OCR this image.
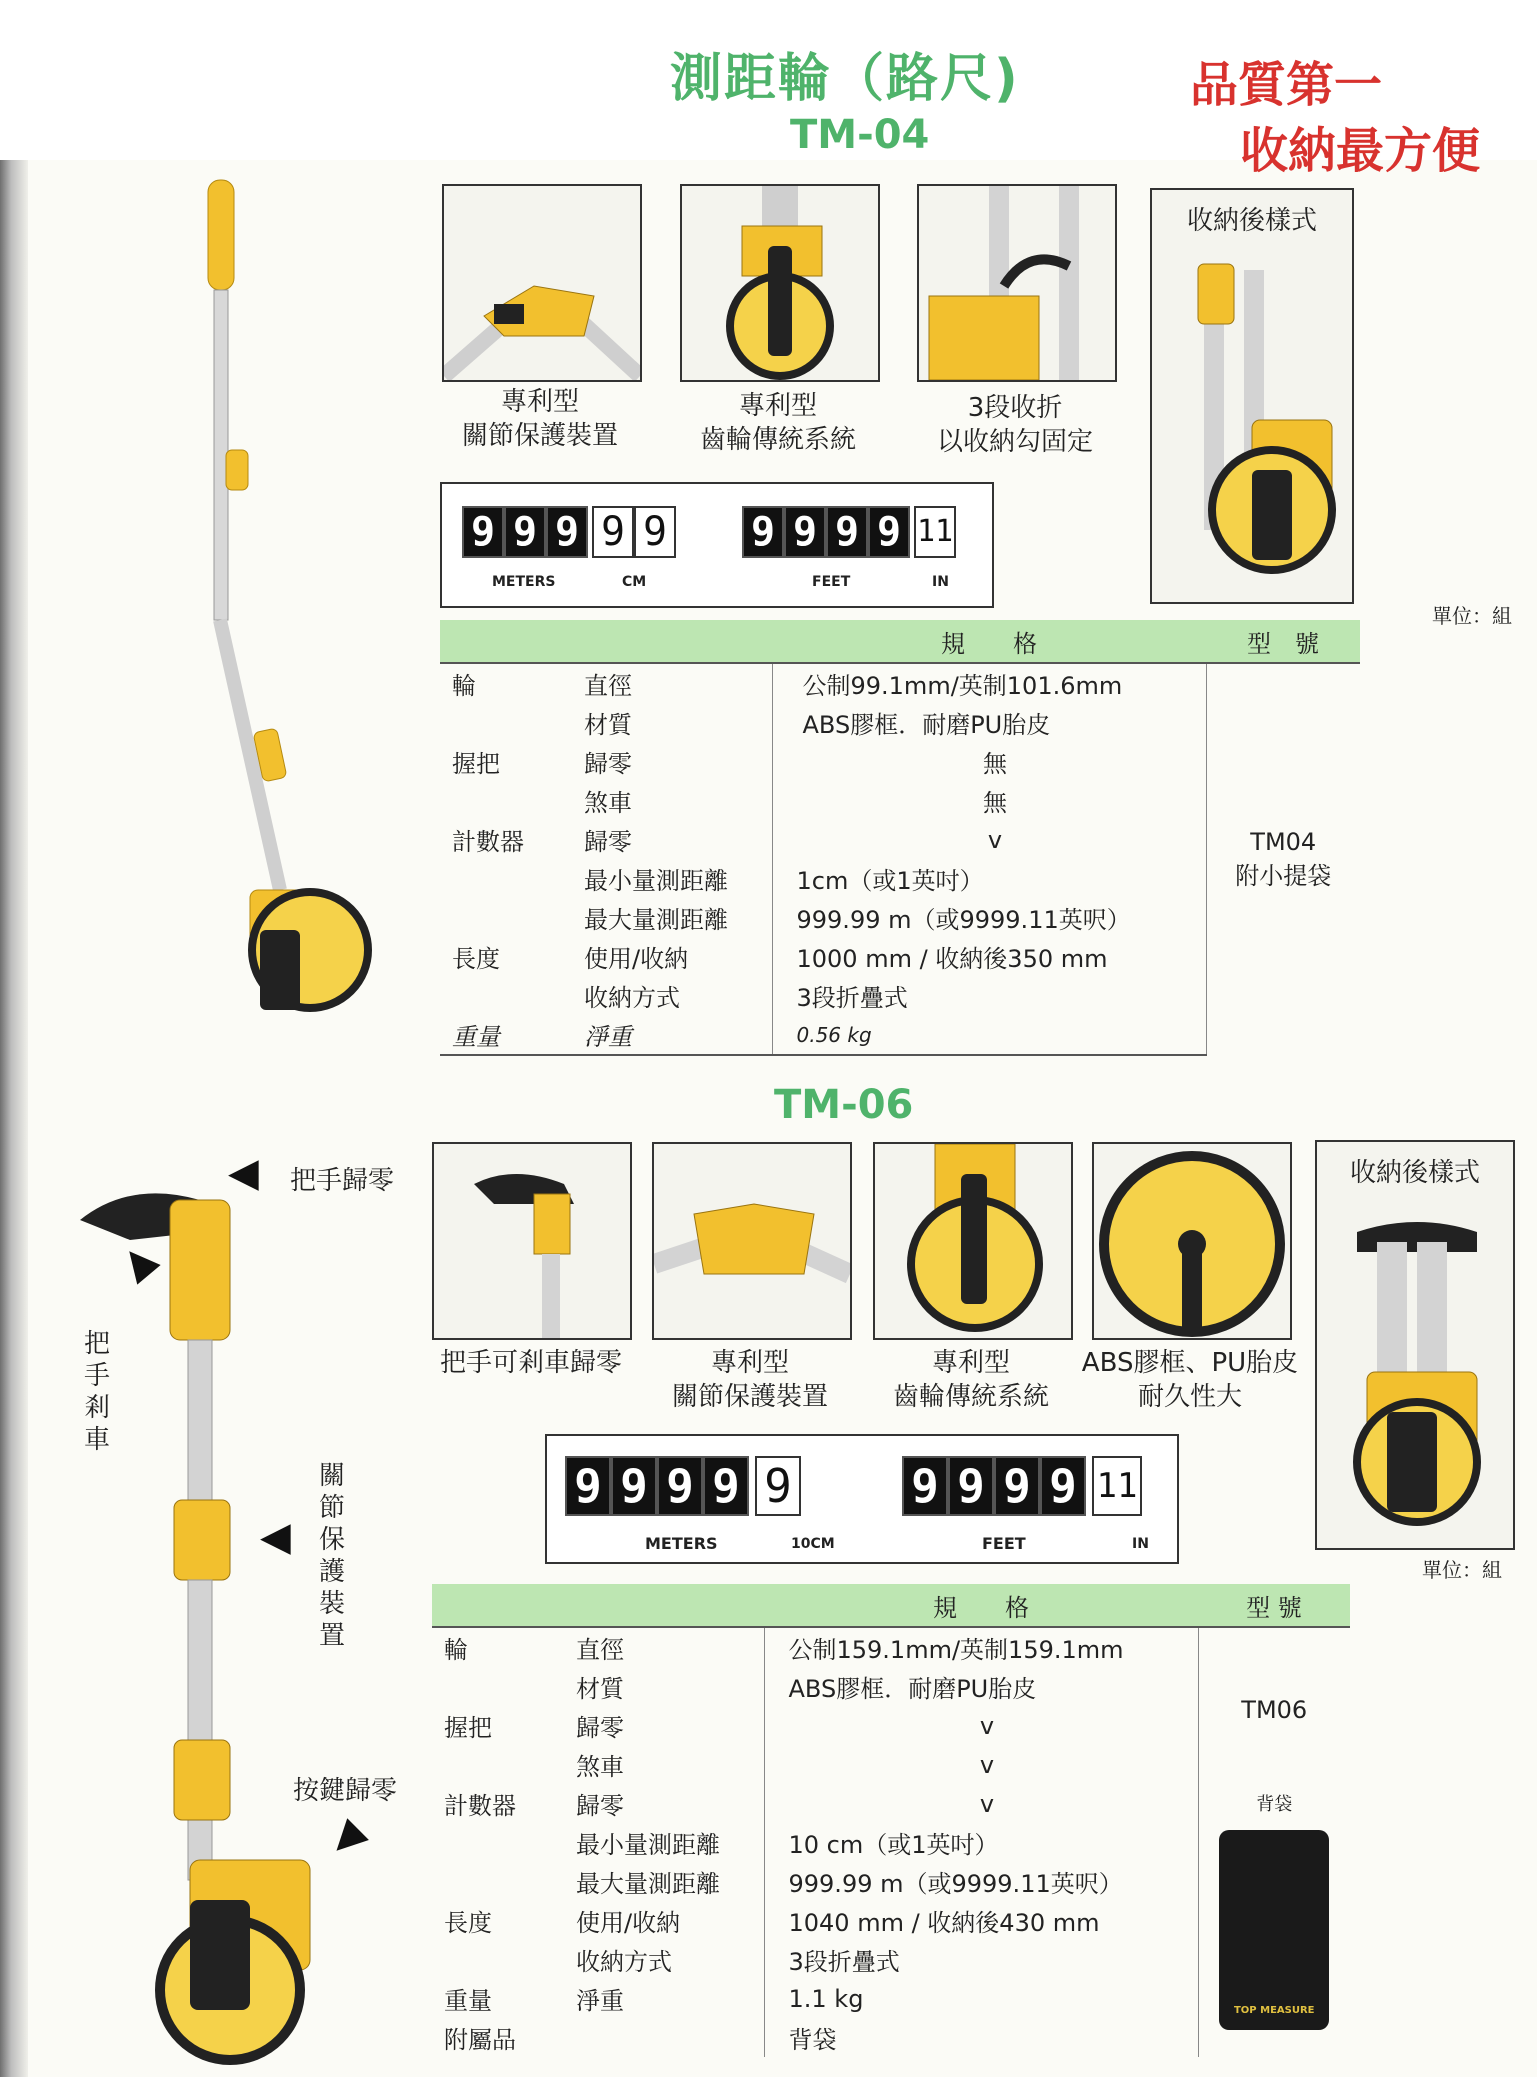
測距輪（路尺)
TM-04
品質第一
收納最方便
收納後樣式
專利型
關節保護裝置
專利型
齒輪傳統系統
3段收折
以收納勾固定
9 9 9 9 9
METERS	CM
9 9 9 9 11
FEET	IN
單位：組
		規　　格	型　號
輪	直徑	公制99.1mm/英制101.6mm	TM04
附小提袋

	材質	ABS膠框．耐磨PU胎皮	
握把	歸零	無	
	煞車	無	
計數器	歸零	v	
	最小量測距離	1cm（或1英吋）	
	最大量測距離	999.99 m（或9999.11英呎）	
長度	使用/收納	1000 mm / 收納後350 mm	
	收納方式	3段折疊式	
重量	淨重	0.56 kg	
TM-06
◀ 把手歸零
▲
把手剎車
◀
關節保護裝置
按鍵歸零
◀
收納後樣式
把手可剎車歸零	專利型
關節保護裝置
專利型
齒輪傳統系統
ABS膠框、PU胎皮
耐久性大
9 9 9 9 9
METERS	10CM
9 9 9 9 11
FEET	IN
單位：組
		規　　格	型 號
輪	直徑	公制159.1mm/英制159.1mm	TM06
背袋
TOP MEASURE

	材質	ABS膠框．耐磨PU胎皮	
握把	歸零	v	
	煞車	v	
計數器	歸零	v	
	最小量測距離	10 cm（或1英吋）	
	最大量測距離	999.99 m（或9999.11英呎）	
長度	使用/收納	1040 mm / 收納後430 mm	
	收納方式	3段折疊式	
重量	淨重	1.1 kg	
附屬品		背袋	
